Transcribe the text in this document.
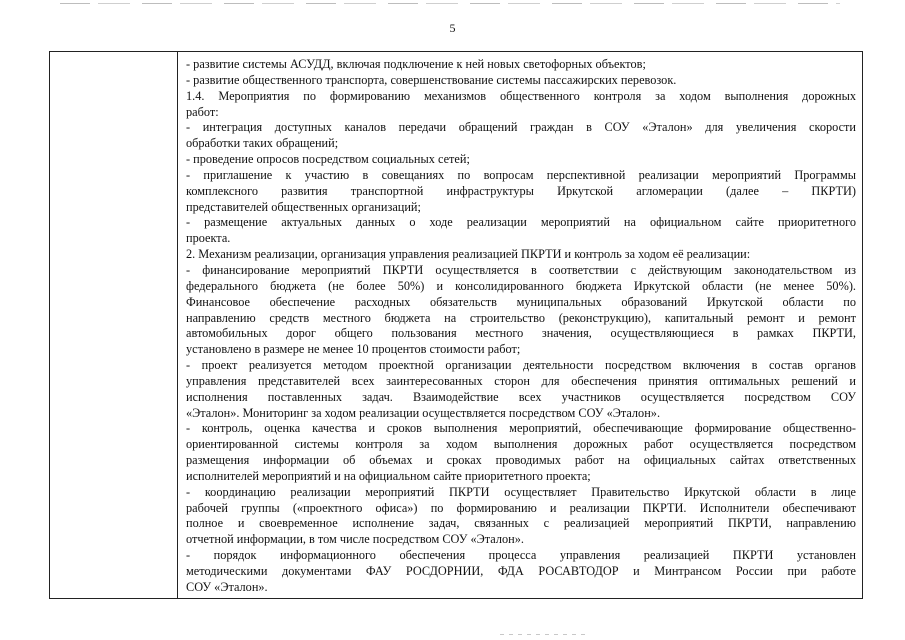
5
- развитие системы АСУДД, включая подключение к ней новых светофорных объектов;
- развитие общественного транспорта, совершенствование системы пассажирских перевозок.
1.4. Мероприятия по формированию механизмов общественного контроля за ходом выполнения дорожных
работ:
- интеграция доступных каналов передачи обращений граждан в СОУ «Эталон» для увеличения скорости
обработки таких обращений;
- проведение опросов посредством социальных сетей;
- приглашение к участию в совещаниях по вопросам перспективной реализации мероприятий Программы
комплексного развития транспортной инфраструктуры Иркутской агломерации (далее – ПКРТИ)
представителей общественных организаций;
- размещение актуальных данных о ходе реализации мероприятий на официальном сайте приоритетного
проекта.
2. Механизм реализации, организация управления реализацией ПКРТИ и контроль за ходом её реализации:
- финансирование мероприятий ПКРТИ осуществляется в соответствии с действующим законодательством из
федерального бюджета (не более 50%) и консолидированного бюджета Иркутской области (не менее 50%).
Финансовое обеспечение расходных обязательств муниципальных образований Иркутской области по
направлению средств местного бюджета на строительство (реконструкцию), капитальный ремонт и ремонт
автомобильных дорог общего пользования местного значения, осуществляющиеся в рамках ПКРТИ,
установлено в размере не менее 10 процентов стоимости работ;
- проект реализуется методом проектной организации деятельности посредством включения в состав органов
управления представителей всех заинтересованных сторон для обеспечения принятия оптимальных решений и
исполнения поставленных задач. Взаимодействие всех участников осуществляется посредством СОУ
«Эталон». Мониторинг за ходом реализации осуществляется посредством СОУ «Эталон».
- контроль, оценка качества и сроков выполнения мероприятий, обеспечивающие формирование общественно-
ориентированной системы контроля за ходом выполнения дорожных работ осуществляется посредством
размещения информации об объемах и сроках проводимых работ на официальных сайтах ответственных
исполнителей мероприятий и на официальном сайте приоритетного проекта;
- координацию реализации мероприятий ПКРТИ осуществляет Правительство Иркутской области в лице
рабочей группы («проектного офиса») по формированию и реализации ПКРТИ. Исполнители обеспечивают
полное и своевременное исполнение задач, связанных с реализацией мероприятий ПКРТИ, направлению
отчетной информации, в том числе посредством СОУ «Эталон».
- порядок информационного обеспечения процесса управления реализацией ПКРТИ установлен
методическими документами ФАУ РОСДОРНИИ, ФДА РОСАВТОДОР и Минтрансом России при работе
СОУ «Эталон».
